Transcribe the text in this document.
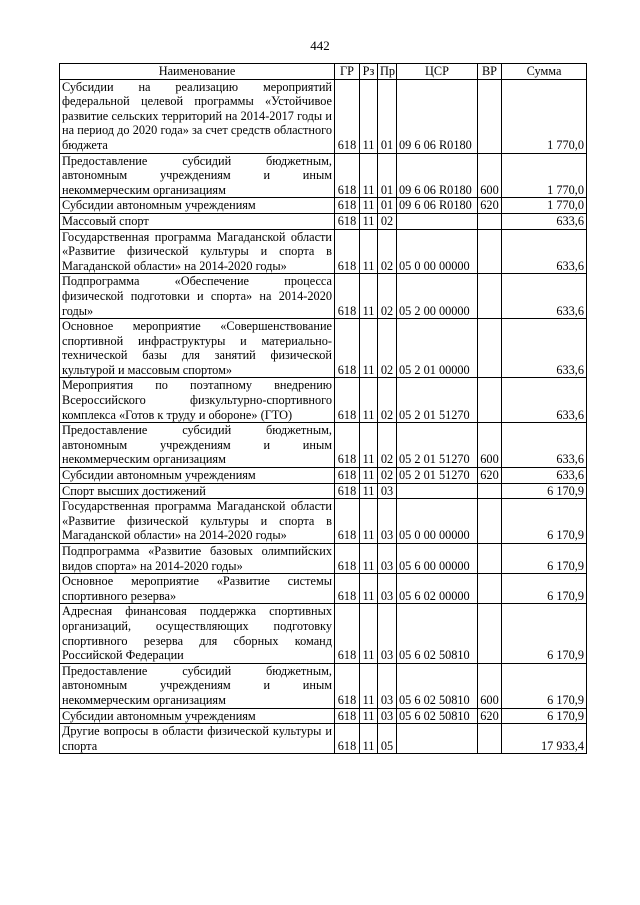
442
Наименование	ГР	Рз	Пр	ЦСР	ВР	Сумма
Субсидии на реализацию мероприятий федеральной целевой программы «Устойчивое развитие сельских территорий на 2014-2017 годы и на период до 2020 года» за счет средств областного бюджета	618	11	01	09 6 06 R0180		1 770,0
Предоставление субсидий бюджетным, автономным учреждениям и иным некоммерческим организациям	618	11	01	09 6 06 R0180	600	1 770,0
Субсидии автономным учреждениям	618	11	01	09 6 06 R0180	620	1 770,0
Массовый спорт	618	11	02			633,6
Государственная программа Магаданской области «Развитие физической культуры и спорта в Магаданской области» на 2014-2020 годы»	618	11	02	05 0 00 00000		633,6
Подпрограмма «Обеспечение процесса физической подготовки и спорта» на 2014-2020 годы»	618	11	02	05 2 00 00000		633,6
Основное мероприятие «Совершенствование спортивной инфраструктуры и материально-технической базы для занятий физической культурой и массовым спортом»	618	11	02	05 2 01 00000		633,6
Мероприятия по поэтапному внедрению Всероссийского физкультурно-спортивного комплекса «Готов к труду и обороне» (ГТО)	618	11	02	05 2 01 51270		633,6
Предоставление субсидий бюджетным, автономным учреждениям и иным некоммерческим организациям	618	11	02	05 2 01 51270	600	633,6
Субсидии автономным учреждениям	618	11	02	05 2 01 51270	620	633,6
Спорт высших достижений	618	11	03			6 170,9
Государственная программа Магаданской области «Развитие физической культуры и спорта в Магаданской области» на 2014-2020 годы»	618	11	03	05 0 00 00000		6 170,9
Подпрограмма «Развитие базовых олимпийских видов спорта» на 2014-2020 годы»	618	11	03	05 6 00 00000		6 170,9
Основное мероприятие «Развитие системы спортивного резерва»	618	11	03	05 6 02 00000		6 170,9
Адресная финансовая поддержка спортивных организаций, осуществляющих подготовку спортивного резерва для сборных команд Российской Федерации	618	11	03	05 6 02 50810		6 170,9
Предоставление субсидий бюджетным, автономным учреждениям и иным некоммерческим организациям	618	11	03	05 6 02 50810	600	6 170,9
Субсидии автономным учреждениям	618	11	03	05 6 02 50810	620	6 170,9
Другие вопросы в области физической культуры и спорта	618	11	05			17 933,4
